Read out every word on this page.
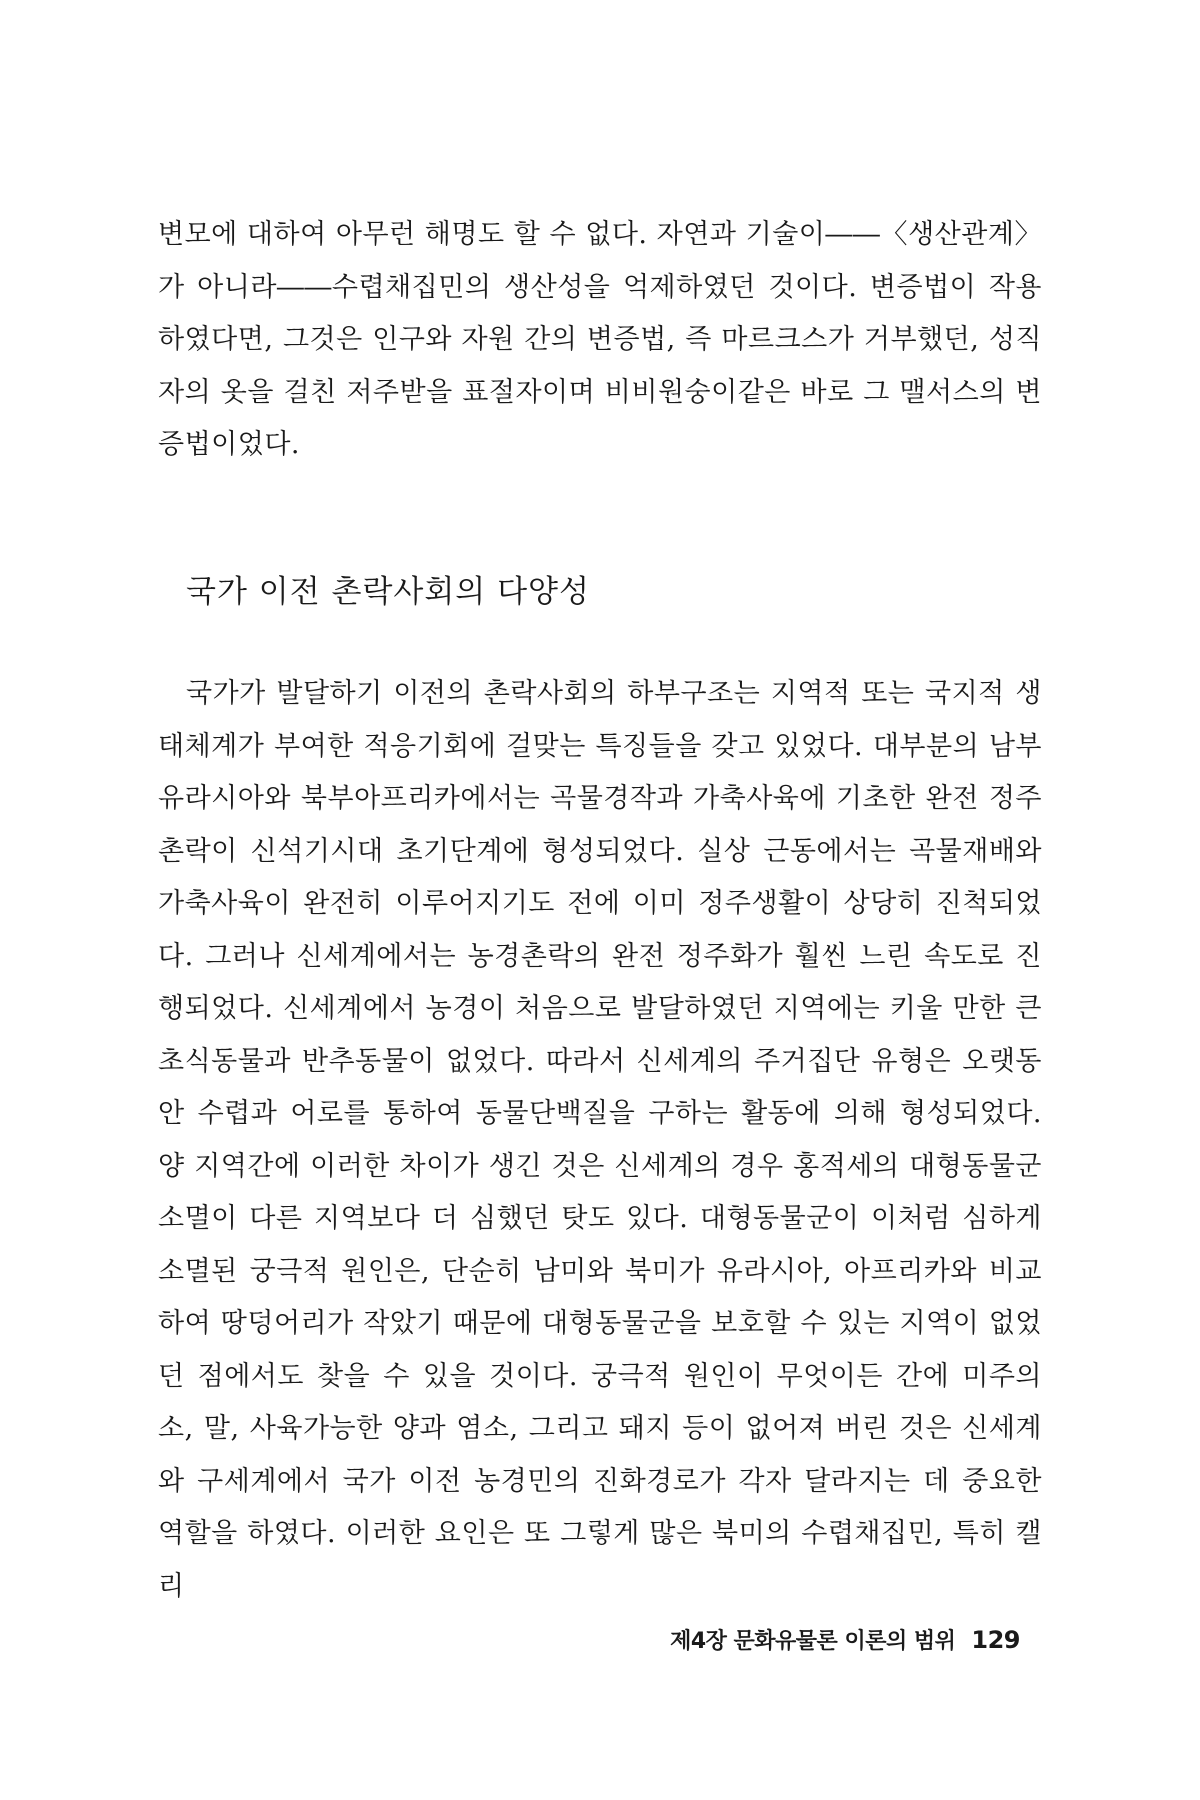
변모에 대하여 아무런 해명도 할 수 없다. 자연과 기술이――〈생산관계〉가 아니라――수렵채집민의 생산성을 억제하였던 것이다. 변증법이 작용하였다면, 그것은 인구와 자원 간의 변증법, 즉 마르크스가 거부했던, 성직자의 옷을 걸친 저주받을 표절자이며 비비원숭이같은 바로 그 맬서스의 변증법이었다.

국가 이전 촌락사회의 다양성

국가가 발달하기 이전의 촌락사회의 하부구조는 지역적 또는 국지적 생태체계가 부여한 적응기회에 걸맞는 특징들을 갖고 있었다. 대부분의 남부유라시아와 북부아프리카에서는 곡물경작과 가축사육에 기초한 완전 정주촌락이 신석기시대 초기단계에 형성되었다. 실상 근동에서는 곡물재배와 가축사육이 완전히 이루어지기도 전에 이미 정주생활이 상당히 진척되었다. 그러나 신세계에서는 농경촌락의 완전 정주화가 훨씬 느린 속도로 진행되었다. 신세계에서 농경이 처음으로 발달하였던 지역에는 키울 만한 큰 초식동물과 반추동물이 없었다. 따라서 신세계의 주거집단 유형은 오랫동안 수렵과 어로를 통하여 동물단백질을 구하는 활동에 의해 형성되었다. 양 지역간에 이러한 차이가 생긴 것은 신세계의 경우 홍적세의 대형동물군 소멸이 다른 지역보다 더 심했던 탓도 있다. 대형동물군이 이처럼 심하게 소멸된 궁극적 원인은, 단순히 남미와 북미가 유라시아, 아프리카와 비교하여 땅덩어리가 작았기 때문에 대형동물군을 보호할 수 있는 지역이 없었던 점에서도 찾을 수 있을 것이다. 궁극적 원인이 무엇이든 간에 미주의 소, 말, 사육가능한 양과 염소, 그리고 돼지 등이 없어져 버린 것은 신세계와 구세계에서 국가 이전 농경민의 진화경로가 각자 달라지는 데 중요한 역할을 하였다. 이러한 요인은 또 그렇게 많은 북미의 수렵채집민, 특히 캘리

제4장 문화유물론 이론의 범위 129
